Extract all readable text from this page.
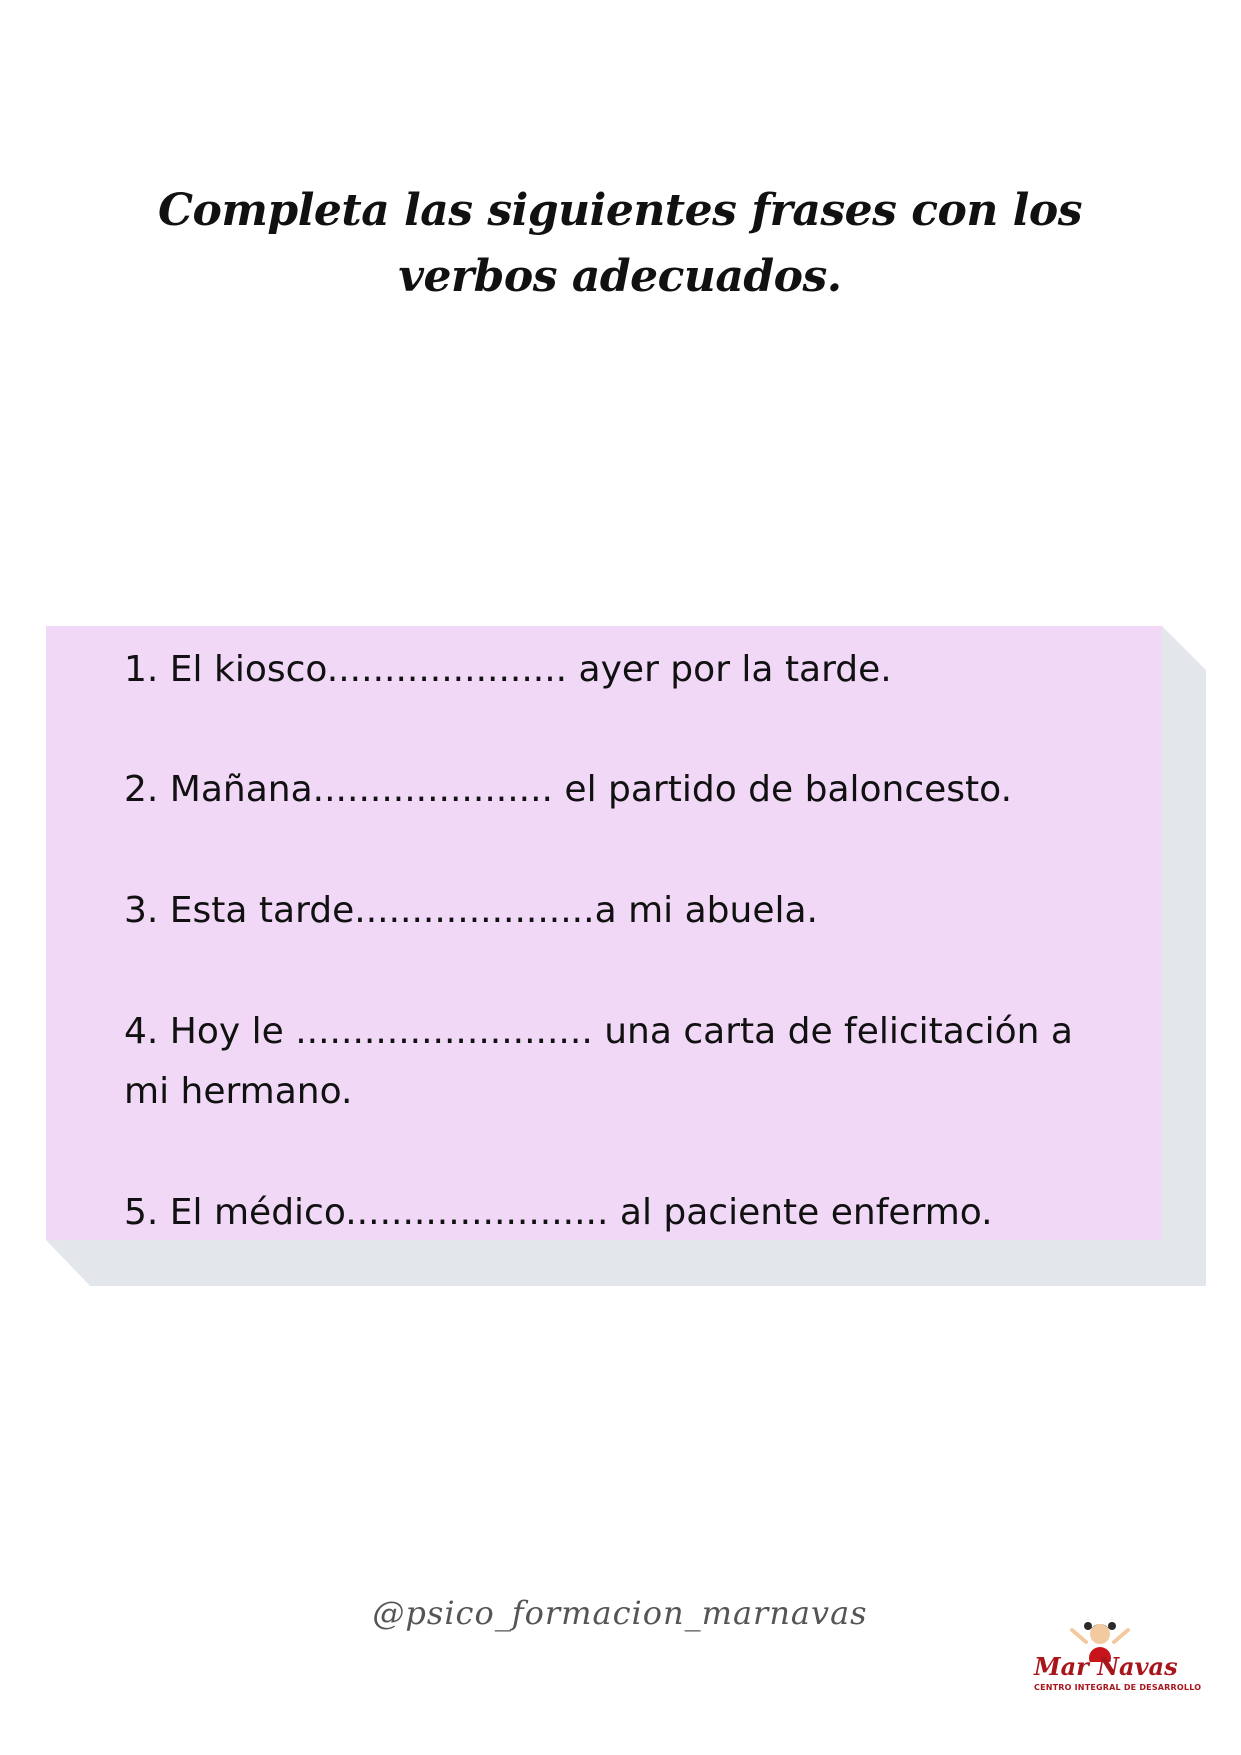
Completa las siguientes frases con los verbos adecuados.
1. El kiosco..................... ayer por la tarde.
2. Mañana..................... el partido de baloncesto.
3. Esta tarde.....................a mi abuela.
4. Hoy le .......................... una carta de felicitación a mi hermano.
5. El médico....................... al paciente enfermo.
@psico_formacion_marnavas
Mar Navas
CENTRO INTEGRAL DE DESARROLLO
